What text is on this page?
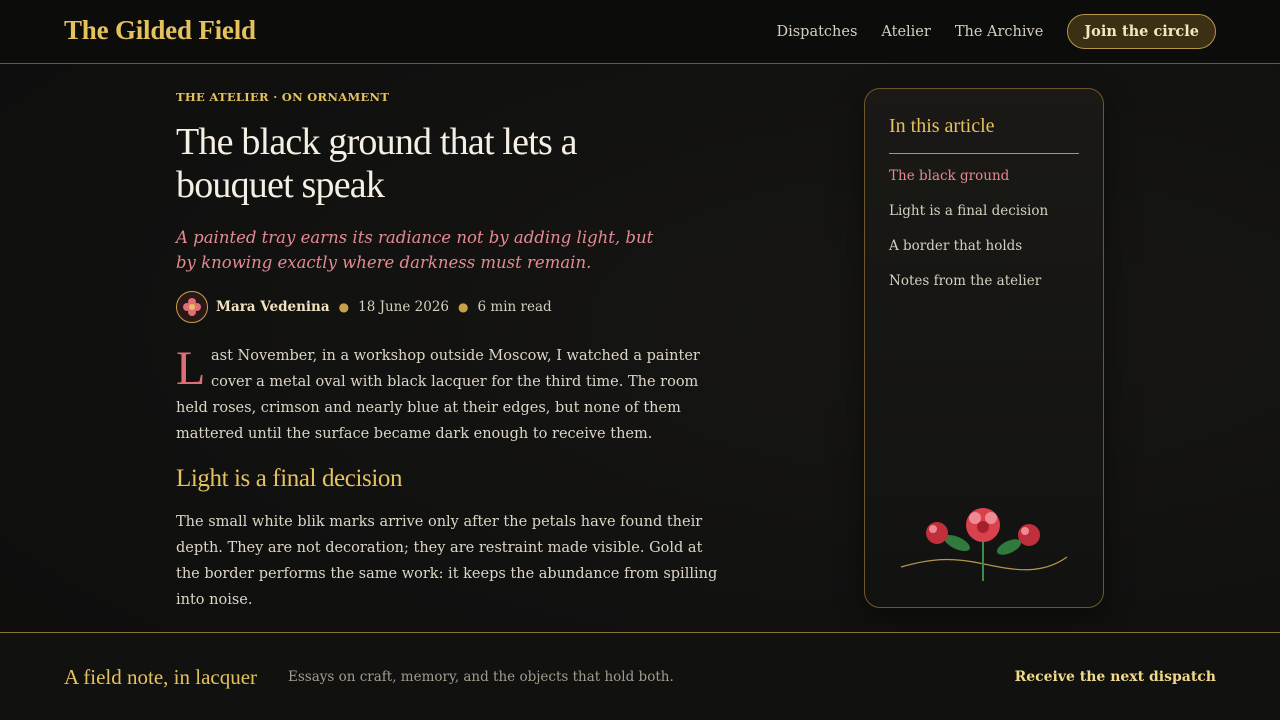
The Gilded Field	Dispatches Atelier The Archive	Join the circle
THE ATELIER · ON ORNAMENT
The black ground that lets a bouquet speak

A painted tray earns its radiance not by adding light, but by knowing exactly where darkness must remain.

Mara Vedenina ● 18 June 2026 ● 6 min read

Last November, in a workshop outside Moscow, I watched a painter cover a metal oval with black lacquer for the third time. The room held roses, crimson and nearly blue at their edges, but none of them mattered until the surface became dark enough to receive them.

Light is a final decision

The small white blik marks arrive only after the petals have found their depth. They are not decoration; they are restraint made visible. Gold at the border performs the same work: it keeps the abundance from spilling into noise.

In this article
The black ground
Light is a final decision
A border that holds
Notes from the atelier
A field note, in lacquer Essays on craft, memory, and the objects that hold both.	Receive the next dispatch
